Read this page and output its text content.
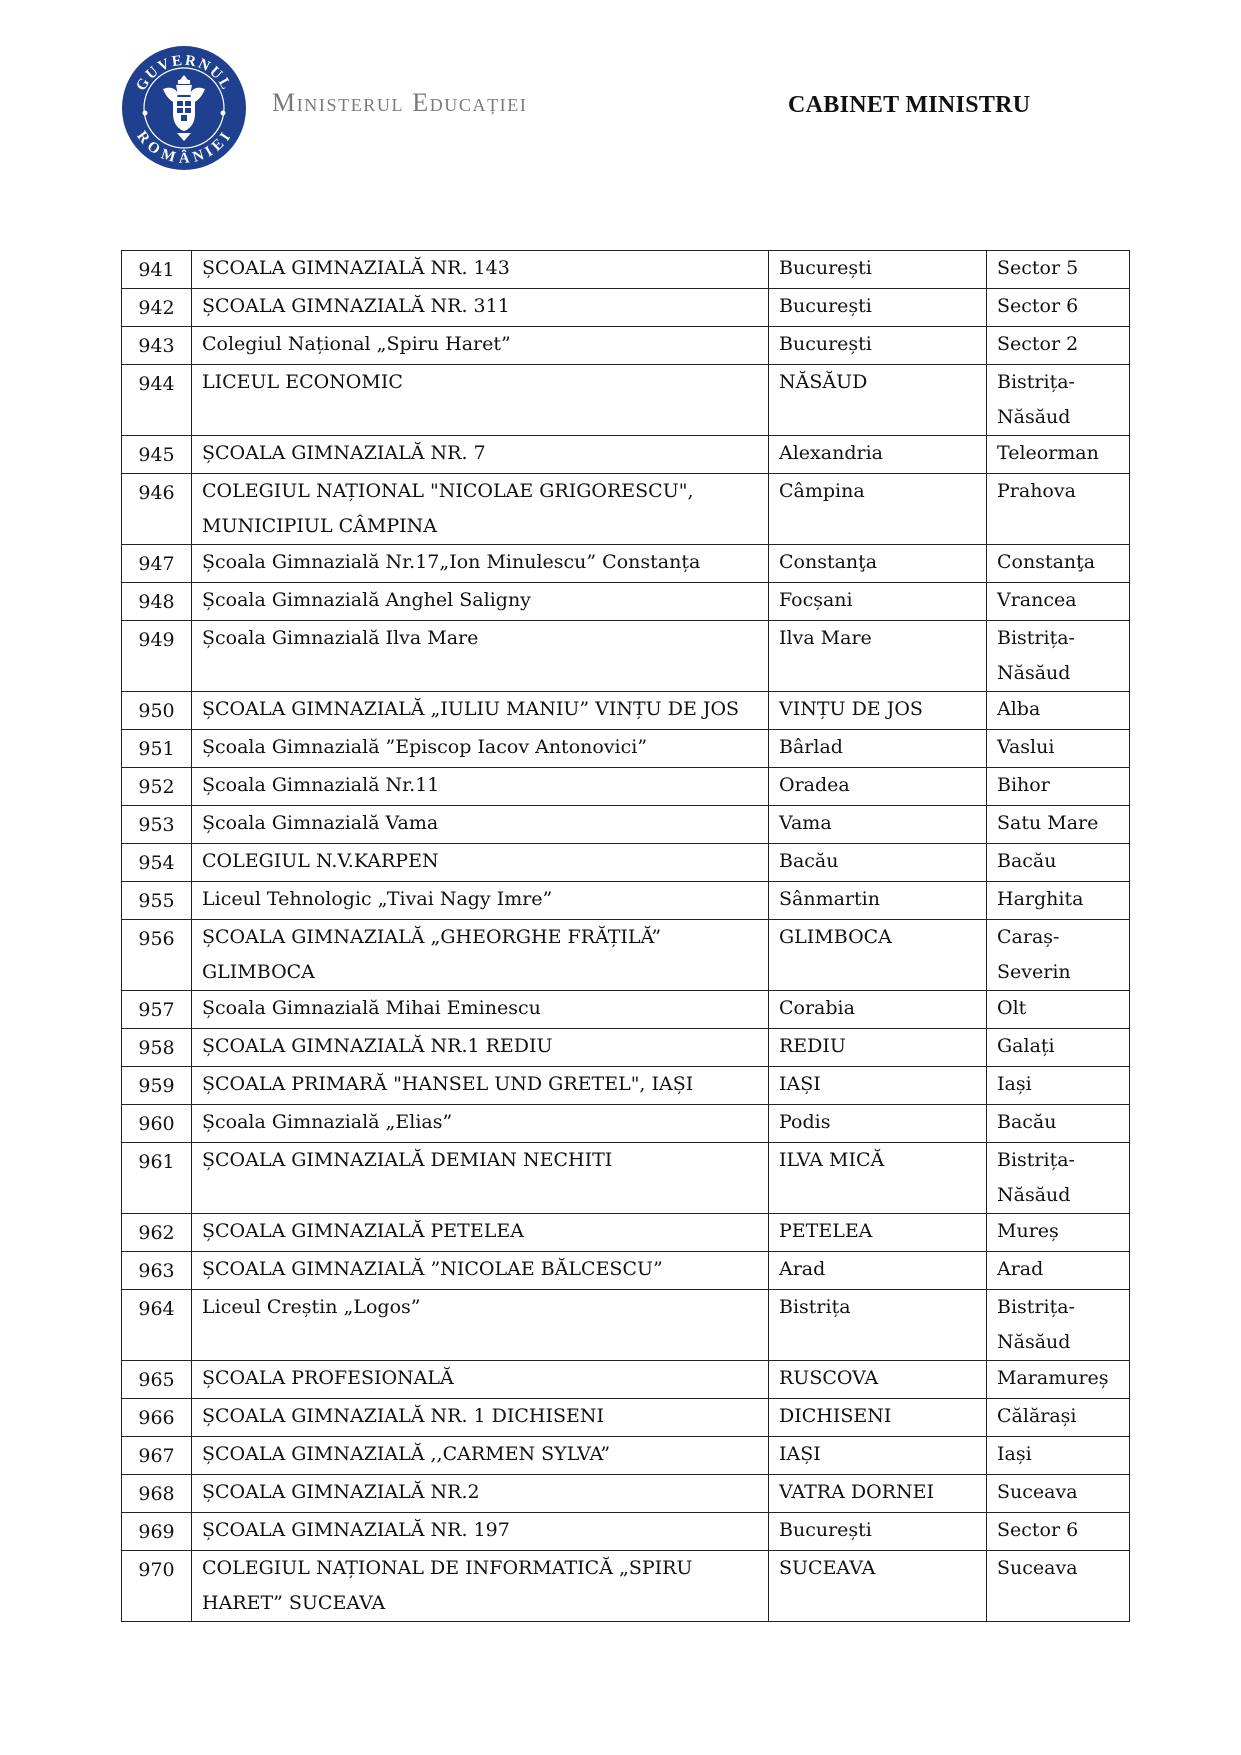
GUVERNUL
ROMÂNIEI
Ministerul Educației	CABINET MINISTRU
941	ȘCOALA GIMNAZIALĂ NR. 143	București	Sector 5
942	ȘCOALA GIMNAZIALĂ NR. 311	București	Sector 6
943	Colegiul Național „Spiru Haret”	București	Sector 2
944	LICEUL ECONOMIC	NĂSĂUD	Bistrița-Năsăud
945	ȘCOALA GIMNAZIALĂ NR. 7	Alexandria	Teleorman
946	COLEGIUL NAȚIONAL "NICOLAE GRIGORESCU", MUNICIPIUL CÂMPINA	Câmpina	Prahova
947	Școala Gimnazială Nr.17„Ion Minulescu” Constanța	Constanţa	Constanţa
948	Școala Gimnazială Anghel Saligny	Focșani	Vrancea
949	Școala Gimnazială Ilva Mare	Ilva Mare	Bistrița-Năsăud
950	ȘCOALA GIMNAZIALĂ „IULIU MANIU” VINȚU DE JOS	VINȚU DE JOS	Alba
951	Școala Gimnazială ”Episcop Iacov Antonovici”	Bârlad	Vaslui
952	Școala Gimnazială Nr.11	Oradea	Bihor
953	Școala Gimnazială Vama	Vama	Satu Mare
954	COLEGIUL N.V.KARPEN	Bacău	Bacău
955	Liceul Tehnologic „Tivai Nagy Imre”	Sânmartin	Harghita
956	ȘCOALA GIMNAZIALĂ „GHEORGHE FRĂȚILĂ” GLIMBOCA	GLIMBOCA	Caraș-Severin
957	Școala Gimnazială Mihai Eminescu	Corabia	Olt
958	ȘCOALA GIMNAZIALĂ NR.1 REDIU	REDIU	Galați
959	ȘCOALA PRIMARĂ "HANSEL UND GRETEL", IAȘI	IAȘI	Iași
960	Școala Gimnazială „Elias”	Podis	Bacău
961	ȘCOALA GIMNAZIALĂ DEMIAN NECHITI	ILVA MICĂ	Bistrița-Năsăud
962	ȘCOALA GIMNAZIALĂ PETELEA	PETELEA	Mureș
963	ȘCOALA GIMNAZIALĂ ”NICOLAE BĂLCESCU”	Arad	Arad
964	Liceul Creștin „Logos”	Bistrița	Bistrița-Năsăud
965	ȘCOALA PROFESIONALĂ	RUSCOVA	Maramureș
966	ȘCOALA GIMNAZIALĂ NR. 1 DICHISENI	DICHISENI	Călărași
967	ȘCOALA GIMNAZIALĂ ,,CARMEN SYLVA”	IAȘI	Iași
968	ȘCOALA GIMNAZIALĂ NR.2	VATRA DORNEI	Suceava
969	ȘCOALA GIMNAZIALĂ NR. 197	București	Sector 6
970	COLEGIUL NAȚIONAL DE INFORMATICĂ „SPIRU HARET” SUCEAVA	SUCEAVA	Suceava
